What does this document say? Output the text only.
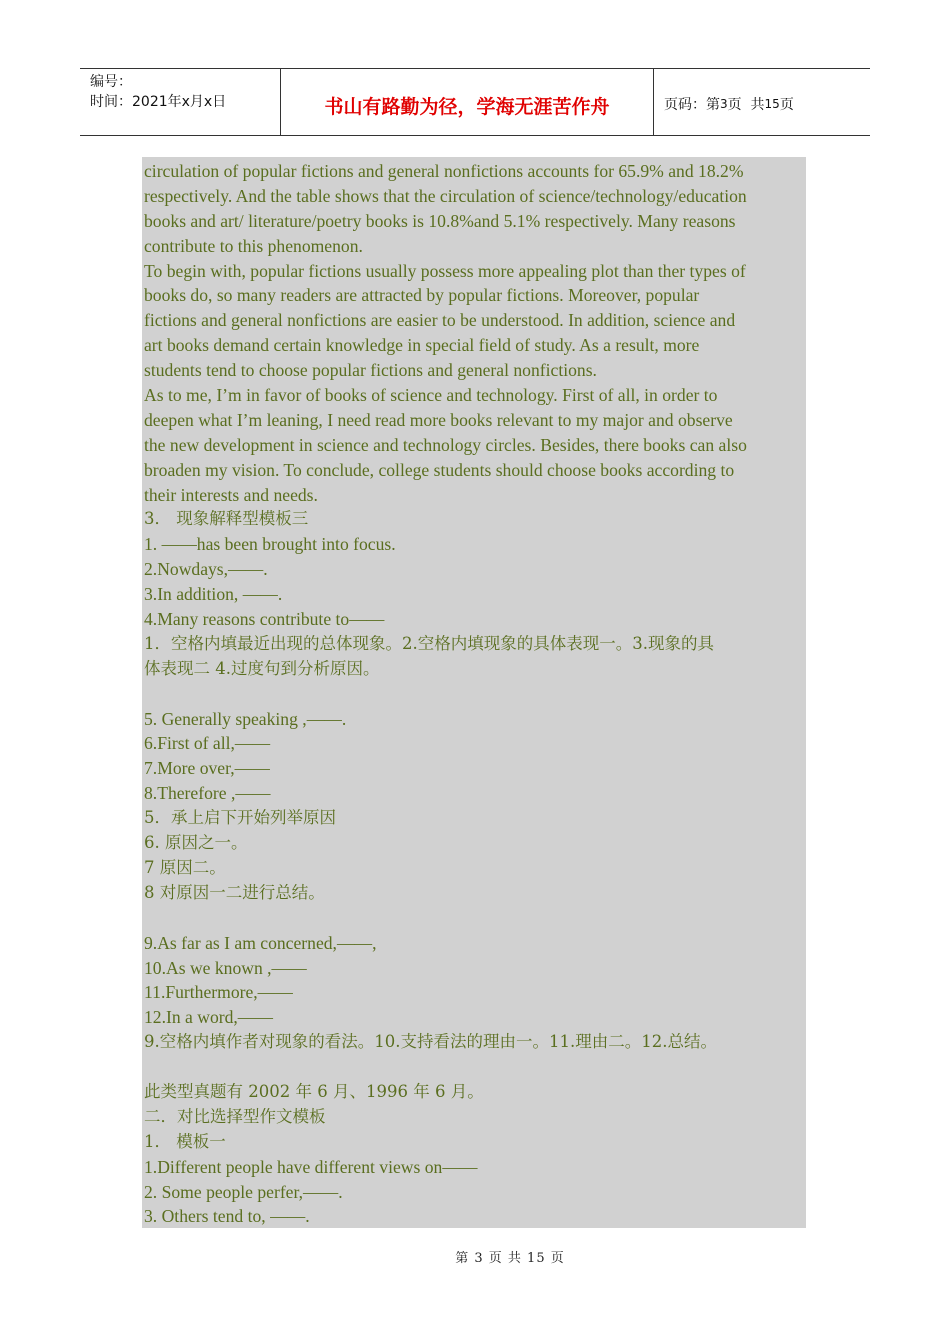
编号：
时间：2021年x月x日	书山有路勤为径，学海无涯苦作舟	页码：第 3 页  共 15 页
circulation of popular fictions and general nonfictions accounts for 65.9% and 18.2%
respectively. And the table shows that the circulation of science/technology/education
books and art/ literature/poetry books is 10.8%and 5.1% respectively. Many reasons
contribute to this phenomenon.
To begin with, popular fictions usually possess more appealing plot than ther types of
books do, so many readers are attracted by popular fictions. Moreover, popular
fictions and general nonfictions are easier to be understood. In addition, science and
art books demand certain knowledge in special field of study. As a result, more
students tend to choose popular fictions and general nonfictions.
As to me, I’m in favor of books of science and technology. First of all, in order to
deepen what I’m leaning, I need read more books relevant to my major and observe
the new development in science and technology circles. Besides, there books can also
broaden my vision. To conclude, college students should choose books according to
their interests and needs.
3． 现象解释型模板三
1. ——has been brought into focus.
2.Nowdays,——.
3.In addition, ——.
4.Many reasons contribute to——
1．空格内填最近出现的总体现象。2.空格内填现象的具体表现一。3.现象的具
体表现二 4.过度句到分析原因。
5. Generally speaking ,——.
6.First of all,——
7.More over,——
8.Therefore ,——
5．承上启下开始列举原因
6. 原因之一。
7 原因二。
8 对原因一二进行总结。
9.As far as I am concerned,——,
10.As we known ,——
11.Furthermore,——
12.In a word,——
9.空格内填作者对现象的看法。10.支持看法的理由一。11.理由二。12.总结。
此类型真题有 2002 年 6 月、1996 年 6 月。
二．对比选择型作文模板
1． 模板一
1.Different people have different views on——
2. Some people perfer,——.
3. Others tend to, ——.
第 3 页 共 15 页
